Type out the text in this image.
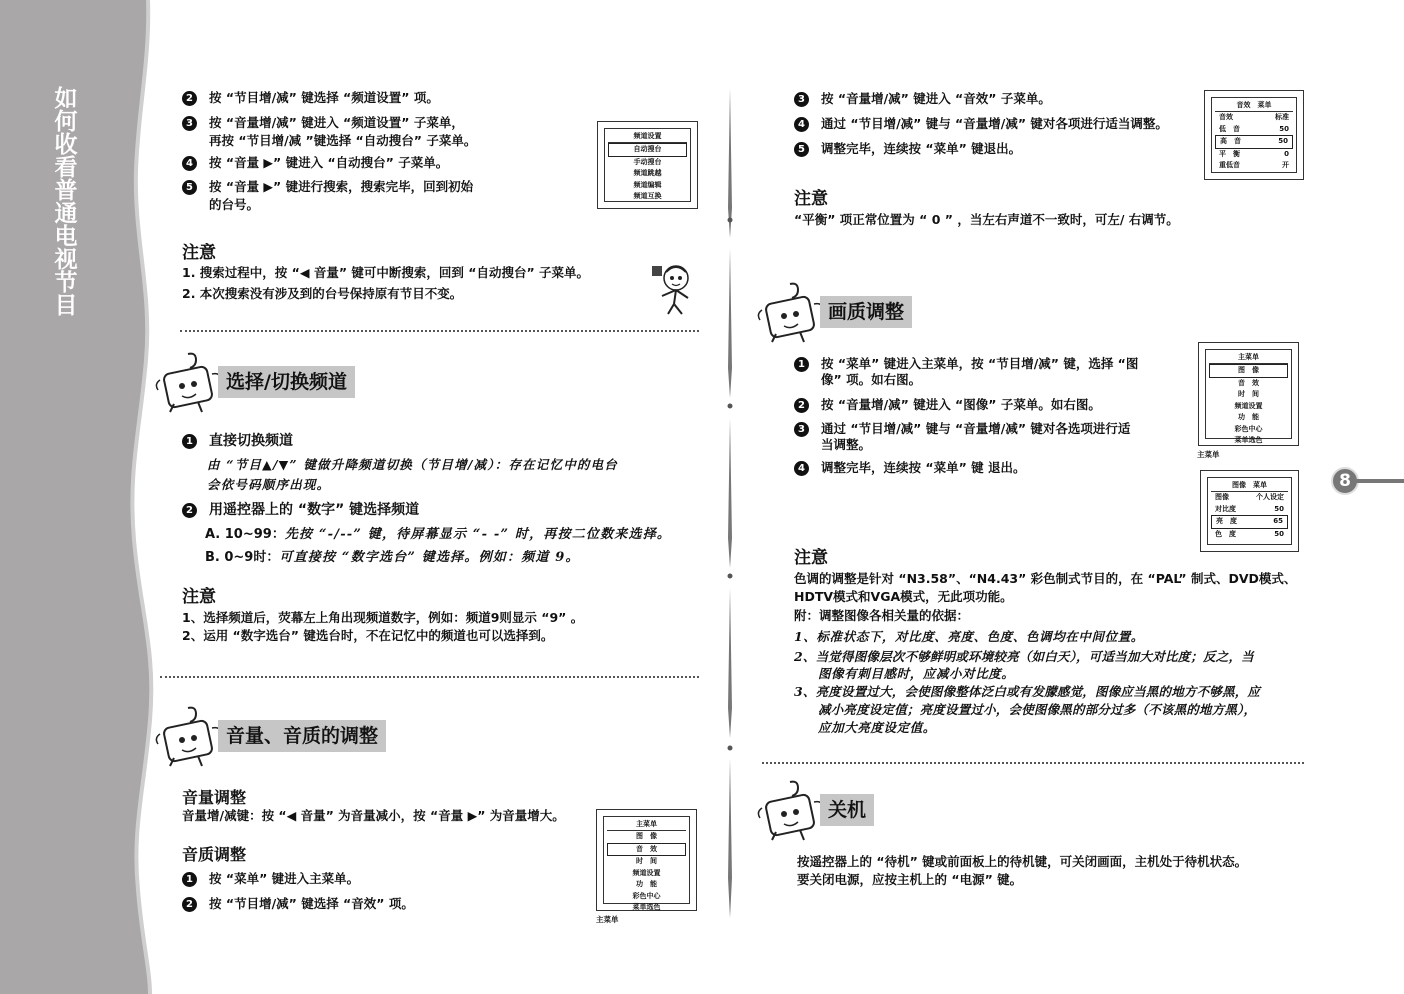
如
何
收
看
普
通
电
视
节
目
2	按 “节目增/减” 键选择 “频道设置” 项。
3	按 “音量增/减” 键进入 “频道设置” 子菜单，
再按 “节目增/减 ”键选择 “自动搜台” 子菜单。
4	按 “音量 ▶” 键进入 “自动搜台” 子菜单。
5	按 “音量 ▶” 键进行搜索，搜索完毕，回到初始
的台号。
频道设置
自动搜台
手动搜台
频道跳越
频道编辑
频道互换
注意
1. 搜索过程中，按 “◀ 音量” 键可中断搜索，回到 “自动搜台” 子菜单。
2. 本次搜索没有涉及到的台号保持原有节目不变。
选择/切换频道
1 直接切换频道
由 “节目▲/▼” 键做升降频道切换（节目增/减）：存在记忆中的电台
会依号码顺序出现。
2 用遥控器上的 “数字” 键选择频道
A. 10~99：先按 “-/--” 键，待屏幕显示 “- -” 时，再按二位数来选择。
B. 0~9时：可直接按 “数字选台” 键选择。例如：频道 9。
注意
1、选择频道后，荧幕左上角出现频道数字，例如：频道9则显示 “9” 。
2、运用 “数字选台” 键选台时，不在记忆中的频道也可以选择到。
音量、音质的调整
音量调整
音量增/减键：按 “◀ 音量” 为音量减小，按 “音量 ▶” 为音量增大。
音质调整
1	按 “菜单” 键进入主菜单。
2	按 “节目增/减” 键选择 “音效” 项。
主菜单
图　像
音　效
时　间
频道设置
功　能
彩色中心
菜单选色
主菜单
3	按 “音量增/减” 键进入 “音效” 子菜单。
4	通过 “节目增/减” 键与 “音量增/减” 键对各项进行适当调整。
5	调整完毕，连续按 “菜单” 键退出。
音效　菜单
音效	标准
低　音	50
高　音	50
平　衡	0
重低音	开
注意
“平衡” 项正常位置为 “ 0 ” ，当左右声道不一致时，可左/ 右调节。
画质调整
1	按 “菜单” 键进入主菜单，按 “节目增/减” 键，选择 “图
像” 项。如右图。
2	按 “音量增/减” 键进入 “图像” 子菜单。如右图。
3	通过 “节目增/减” 键与 “音量增/减” 键对各选项进行适
当调整。
4	调整完毕，连续按 “菜单” 键 退出。
主菜单
图　像
音　效
时　间
频道设置
功　能
彩色中心
菜单选色
主菜单
图像　菜单
图像	个人设定
对比度	50
亮　度	65
色　度	50
8
注意
色调的调整是针对 “N3.58”、“N4.43” 彩色制式节目的，在 “PAL” 制式、DVD模式、
HDTV模式和VGA模式，无此项功能。
附：调整图像各相关量的依据：
1、标准状态下，对比度、亮度、色度、色调均在中间位置。
2、当觉得图像层次不够鲜明或环境较亮（如白天），可适当加大对比度；反之，当
图像有刺目感时，应减小对比度。
3、亮度设置过大，会使图像整体泛白或有发朦感觉，图像应当黑的地方不够黑，应
减小亮度设定值；亮度设置过小，会使图像黑的部分过多（不该黑的地方黑），
应加大亮度设定值。
关机
按遥控器上的 “待机” 键或前面板上的待机键，可关闭画面，主机处于待机状态。
要关闭电源，应按主机上的 “电源” 键。
